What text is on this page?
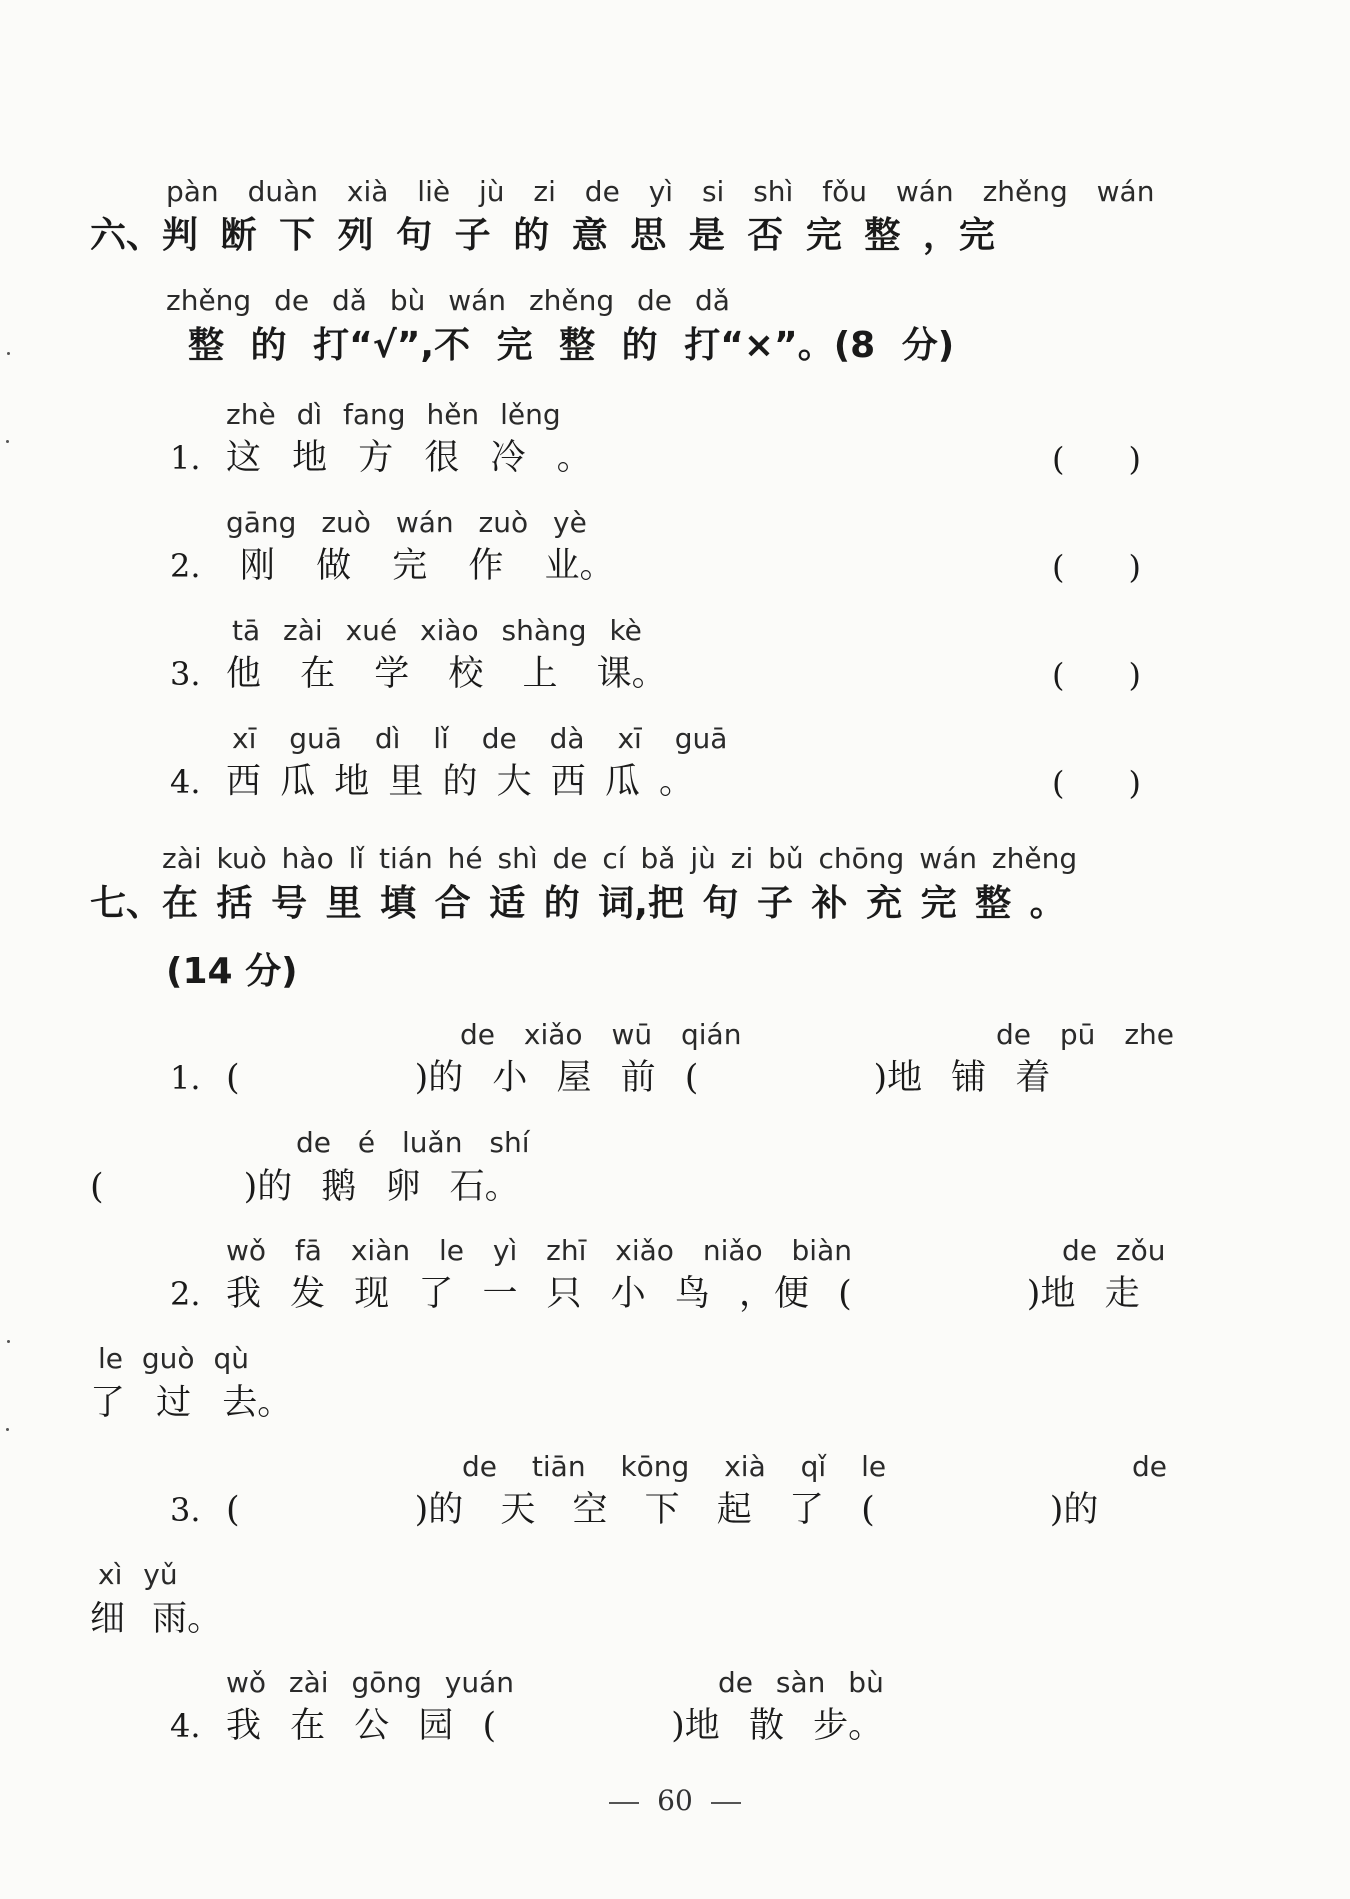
pàn duàn xià liè jù zi de yì si shì fǒu wán zhěng wán
六、判 断 下 列 句 子 的 意 思 是 否 完 整 ，完
zhěng de dǎ bù wán zhěng de dǎ
整 的 打“√”,不 完 整 的 打“×”。(8 分)
zhè dì fang hěn lěng
1. 这 地 方 很 冷 。	(　　)
gāng zuò wán zuò yè
2. 刚 做 完 作 业。	(　　)
tā zài xué xiào shàng kè
3. 他 在 学 校 上 课。	(　　)
xī guā dì lǐ de dà xī guā
4. 西 瓜 地 里 的 大 西 瓜 。	(　　)
zài kuò hào lǐ tián hé shì de cí bǎ jù zi bǔ chōng wán zhěng
七、在 括 号 里 填 合 适 的 词,把 句 子 补 充 完 整 。
(14 分)
de xiǎo wū qián	de pū zhe
1. (　　　　　)的 小 屋 前 (　　　　　)地 铺 着
de é luǎn shí
(　　　　)的 鹅 卵 石。
wǒ fā xiàn le yì zhī xiǎo niǎo biàn	de zǒu
2. 我 发 现 了 一 只 小 鸟 ，便 (　　　　　)地 走
le guò qù
了 过 去。
de tiān kōng xià qǐ le	de
3. (　　　　　)的 天 空 下 起 了 (　　　　　)的
xì yǔ
细 雨。
wǒ zài gōng yuán	de sàn bù
4. 我 在 公 园 (　　　　　)地 散 步。
60
